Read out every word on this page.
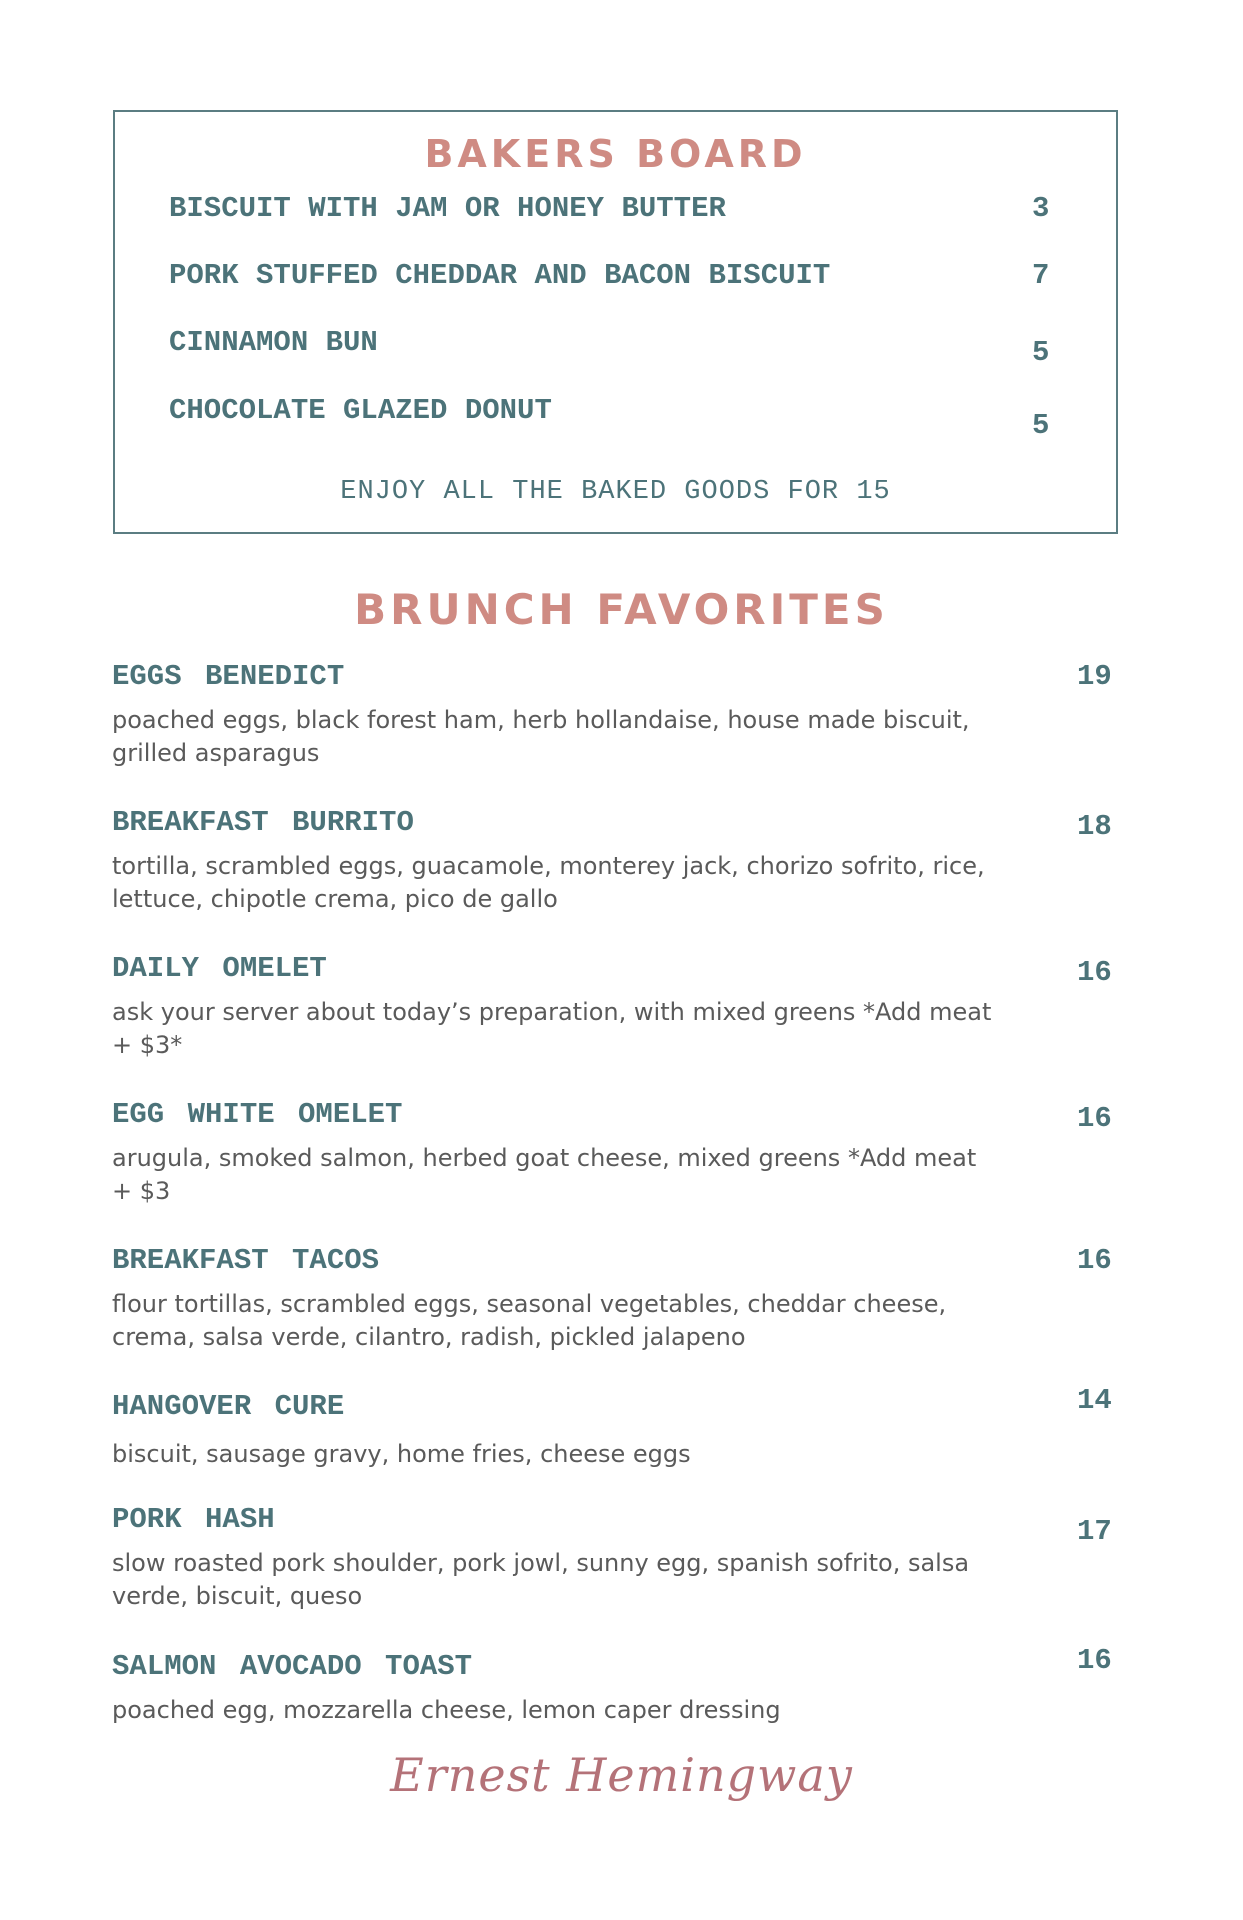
BAKERS BOARD
BISCUIT WITH JAM OR HONEY BUTTER	3
PORK STUFFED CHEDDAR AND BACON BISCUIT	7
CINNAMON BUN	5
CHOCOLATE GLAZED DONUT	5
ENJOY ALL THE BAKED GOODS FOR 15
BRUNCH FAVORITES
EGGS BENEDICT	19
poached eggs, black forest ham, herb hollandaise, house made biscuit, grilled asparagus
BREAKFAST BURRITO	18
tortilla, scrambled eggs, guacamole, monterey jack, chorizo sofrito, rice, lettuce, chipotle crema, pico de gallo
DAILY OMELET	16
ask your server about today’s preparation, with mixed greens *Add meat + $3*
EGG WHITE OMELET	16
arugula, smoked salmon, herbed goat cheese, mixed greens *Add meat + $3
BREAKFAST TACOS	16
flour tortillas, scrambled eggs, seasonal vegetables, cheddar cheese, crema, salsa verde, cilantro, radish, pickled jalapeno
HANGOVER CURE	14
biscuit, sausage gravy, home fries, cheese eggs
PORK HASH	17
slow roasted pork shoulder, pork jowl, sunny egg, spanish sofrito, salsa verde, biscuit, queso
SALMON AVOCADO TOAST	16
poached egg, mozzarella cheese, lemon caper dressing
Ernest Hemingway
